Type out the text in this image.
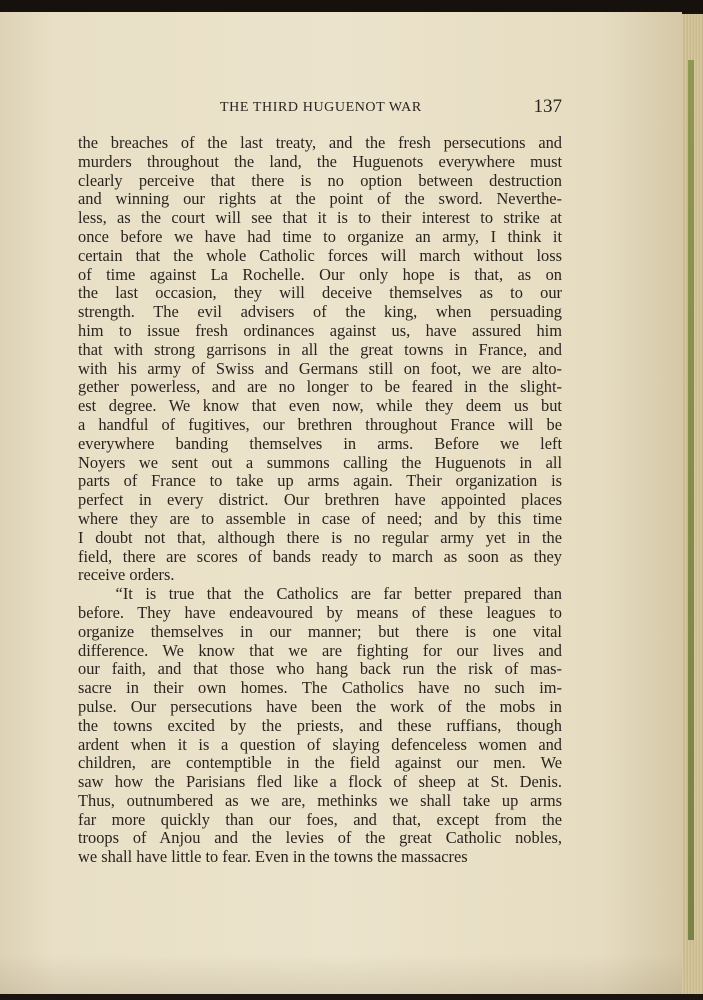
THE THIRD HUGUENOT WAR	137
the breaches of the last treaty, and the fresh persecutions and
murders throughout the land, the Huguenots everywhere must
clearly perceive that there is no option between destruction
and winning our rights at the point of the sword. Neverthe-
less, as the court will see that it is to their interest to strike at
once before we have had time to organize an army, I think it
certain that the whole Catholic forces will march without loss
of time against La Rochelle. Our only hope is that, as on
the last occasion, they will deceive themselves as to our
strength. The evil advisers of the king, when persuading
him to issue fresh ordinances against us, have assured him
that with strong garrisons in all the great towns in France, and
with his army of Swiss and Germans still on foot, we are alto-
gether powerless, and are no longer to be feared in the slight-
est degree. We know that even now, while they deem us but
a handful of fugitives, our brethren throughout France will be
everywhere banding themselves in arms. Before we left
Noyers we sent out a summons calling the Huguenots in all
parts of France to take up arms again. Their organization is
perfect in every district. Our brethren have appointed places
where they are to assemble in case of need; and by this time
I doubt not that, although there is no regular army yet in the
field, there are scores of bands ready to march as soon as they
receive orders.
“It is true that the Catholics are far better prepared than
before. They have endeavoured by means of these leagues to
organize themselves in our manner; but there is one vital
difference. We know that we are fighting for our lives and
our faith, and that those who hang back run the risk of mas-
sacre in their own homes. The Catholics have no such im-
pulse. Our persecutions have been the work of the mobs in
the towns excited by the priests, and these ruffians, though
ardent when it is a question of slaying defenceless women and
children, are contemptible in the field against our men. We
saw how the Parisians fled like a flock of sheep at St. Denis.
Thus, outnumbered as we are, methinks we shall take up arms
far more quickly than our foes, and that, except from the
troops of Anjou and the levies of the great Catholic nobles,
we shall have little to fear. Even in the towns the massacres
